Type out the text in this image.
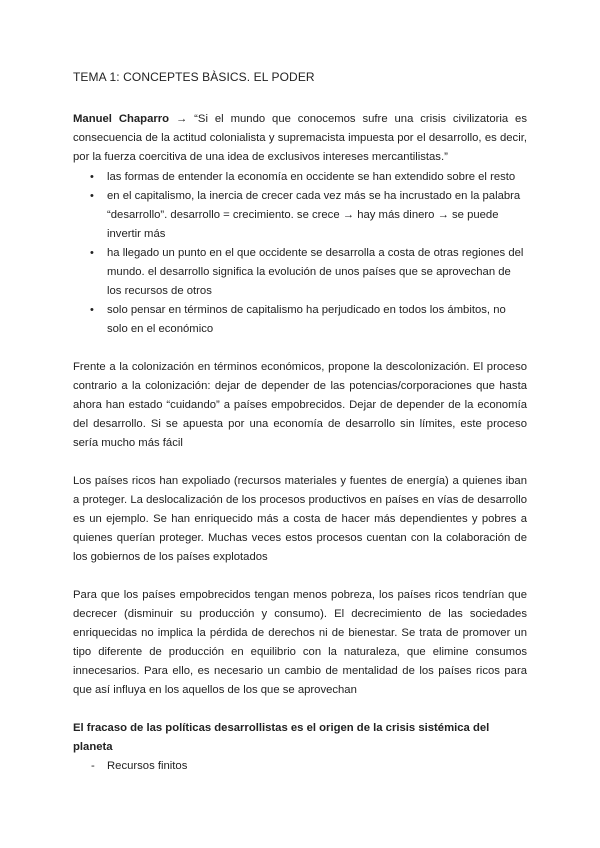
TEMA 1: CONCEPTES BÀSICS. EL PODER

Manuel Chaparro → “Si el mundo que conocemos sufre una crisis civilizatoria es consecuencia de la actitud colonialista y supremacista impuesta por el desarrollo, es decir, por la fuerza coercitiva de una idea de exclusivos intereses mercantilistas.”

• las formas de entender la economía en occidente se han extendido sobre el resto
• en el capitalismo, la inercia de crecer cada vez más se ha incrustado en la palabra “desarrollo”. desarrollo = crecimiento. se crece → hay más dinero → se puede invertir más
• ha llegado un punto en el que occidente se desarrolla a costa de otras regiones del mundo. el desarrollo significa la evolución de unos países que se aprovechan de los recursos de otros
• solo pensar en términos de capitalismo ha perjudicado en todos los ámbitos, no solo en el económico

Frente a la colonización en términos económicos, propone la descolonización. El proceso contrario a la colonización: dejar de depender de las potencias/corporaciones que hasta ahora han estado “cuidando” a países empobrecidos. Dejar de depender de la economía del desarrollo. Si se apuesta por una economía de desarrollo sin límites, este proceso sería mucho más fácil

Los países ricos han expoliado (recursos materiales y fuentes de energía) a quienes iban a proteger. La deslocalización de los procesos productivos en países en vías de desarrollo es un ejemplo. Se han enriquecido más a costa de hacer más dependientes y pobres a quienes querían proteger. Muchas veces estos procesos cuentan con la colaboración de los gobiernos de los países explotados

Para que los países empobrecidos tengan menos pobreza, los países ricos tendrían que decrecer (disminuir su producción y consumo). El decrecimiento de las sociedades enriquecidas no implica la pérdida de derechos ni de bienestar. Se trata de promover un tipo diferente de producción en equilibrio con la naturaleza, que elimine consumos innecesarios. Para ello, es necesario un cambio de mentalidad de los países ricos para que así influya en los aquellos de los que se aprovechan

El fracaso de las políticas desarrollistas es el origen de la crisis sistémica del planeta
- Recursos finitos
